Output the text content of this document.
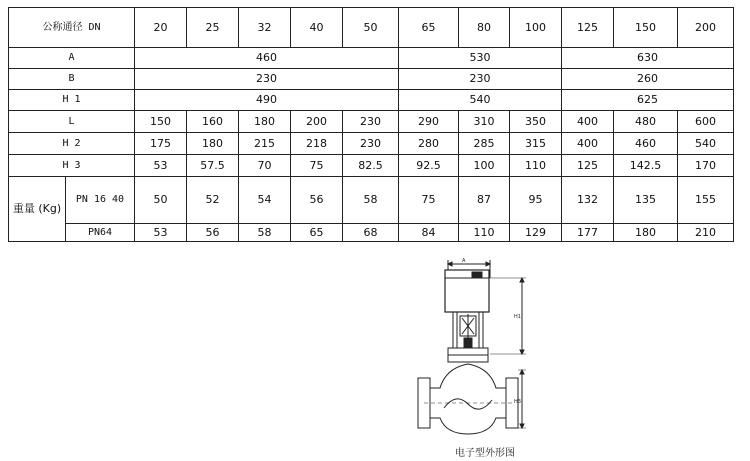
公称通径 DN		20	25	32	40	50	65	80	100	125	150	200
A		460					530			630		
B		230					230			260		
H 1		490					540			625		
L		150	160	180	200	230	290	310	350	400	480	600
H 2		175	180	215	218	230	280	285	315	400	460	540
H 3		53	57.5	70	75	82.5	92.5	100	110	125	142.5	170
重量 (Kg)	PN 16 40	50	52	54	56	58	75	87	95	132	135	155
	PN64	53	56	58	65	68	84	110	129	177	180	210
A
H1
H3
电子型外形图
